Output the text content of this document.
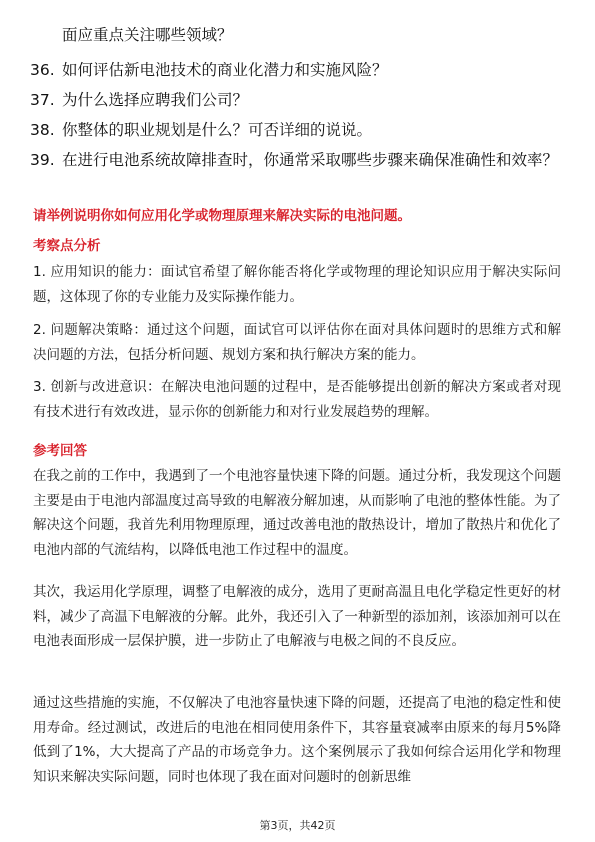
面应重点关注哪些领域？
36. 如何评估新电池技术的商业化潜力和实施风险？
37. 为什么选择应聘我们公司？
38. 你整体的职业规划是什么？可否详细的说说。
39. 在进行电池系统故障排查时，你通常采取哪些步骤来确保准确性和效率？
请举例说明你如何应用化学或物理原理来解决实际的电池问题。
考察点分析
1. 应用知识的能力：面试官希望了解你能否将化学或物理的理论知识应用于解决实际问题，这体现了你的专业能力及实际操作能力。
2. 问题解决策略：通过这个问题，面试官可以评估你在面对具体问题时的思维方式和解决问题的方法，包括分析问题、规划方案和执行解决方案的能力。
3. 创新与改进意识：在解决电池问题的过程中，是否能够提出创新的解决方案或者对现有技术进行有效改进，显示你的创新能力和对行业发展趋势的理解。
参考回答
在我之前的工作中，我遇到了一个电池容量快速下降的问题。通过分析，我发现这个问题主要是由于电池内部温度过高导致的电解液分解加速，从而影响了电池的整体性能。为了解决这个问题，我首先利用物理原理，通过改善电池的散热设计，增加了散热片和优化了电池内部的气流结构，以降低电池工作过程中的温度。
其次，我运用化学原理，调整了电解液的成分，选用了更耐高温且电化学稳定性更好的材料，减少了高温下电解液的分解。此外，我还引入了一种新型的添加剂，该添加剂可以在电池表面形成一层保护膜，进一步防止了电解液与电极之间的不良反应。
通过这些措施的实施，不仅解决了电池容量快速下降的问题，还提高了电池的稳定性和使用寿命。经过测试，改进后的电池在相同使用条件下，其容量衰减率由原来的每月5%降低到了1%，大大提高了产品的市场竞争力。这个案例展示了我如何综合运用化学和物理知识来解决实际问题，同时也体现了我在面对问题时的创新思维
第3页，共42页
